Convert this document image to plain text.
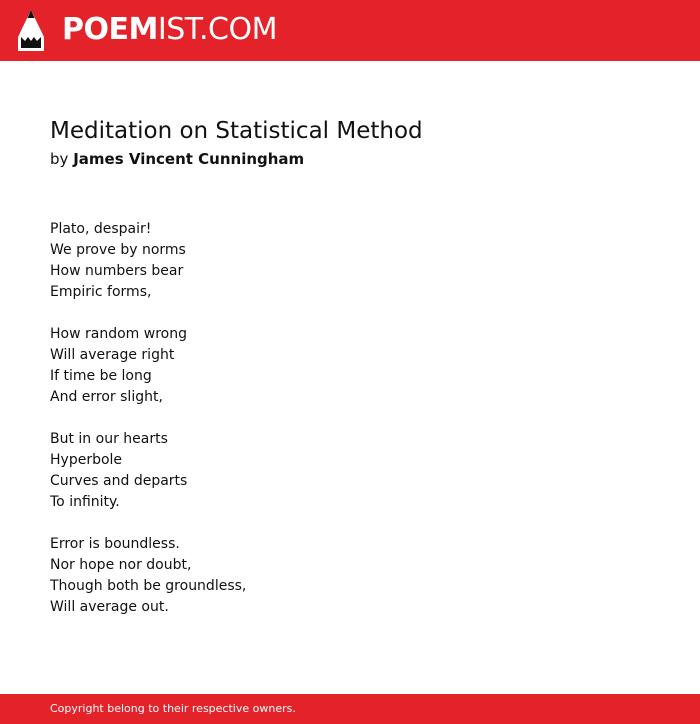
POEMIST.COM
Meditation on Statistical Method
by James Vincent Cunningham
Plato, despair!
We prove by norms
How numbers bear
Empiric forms,
How random wrong
Will average right
If time be long
And error slight,
But in our hearts
Hyperbole
Curves and departs
To infinity.
Error is boundless.
Nor hope nor doubt,
Though both be groundless,
Will average out.
Copyright belong to their respective owners.
